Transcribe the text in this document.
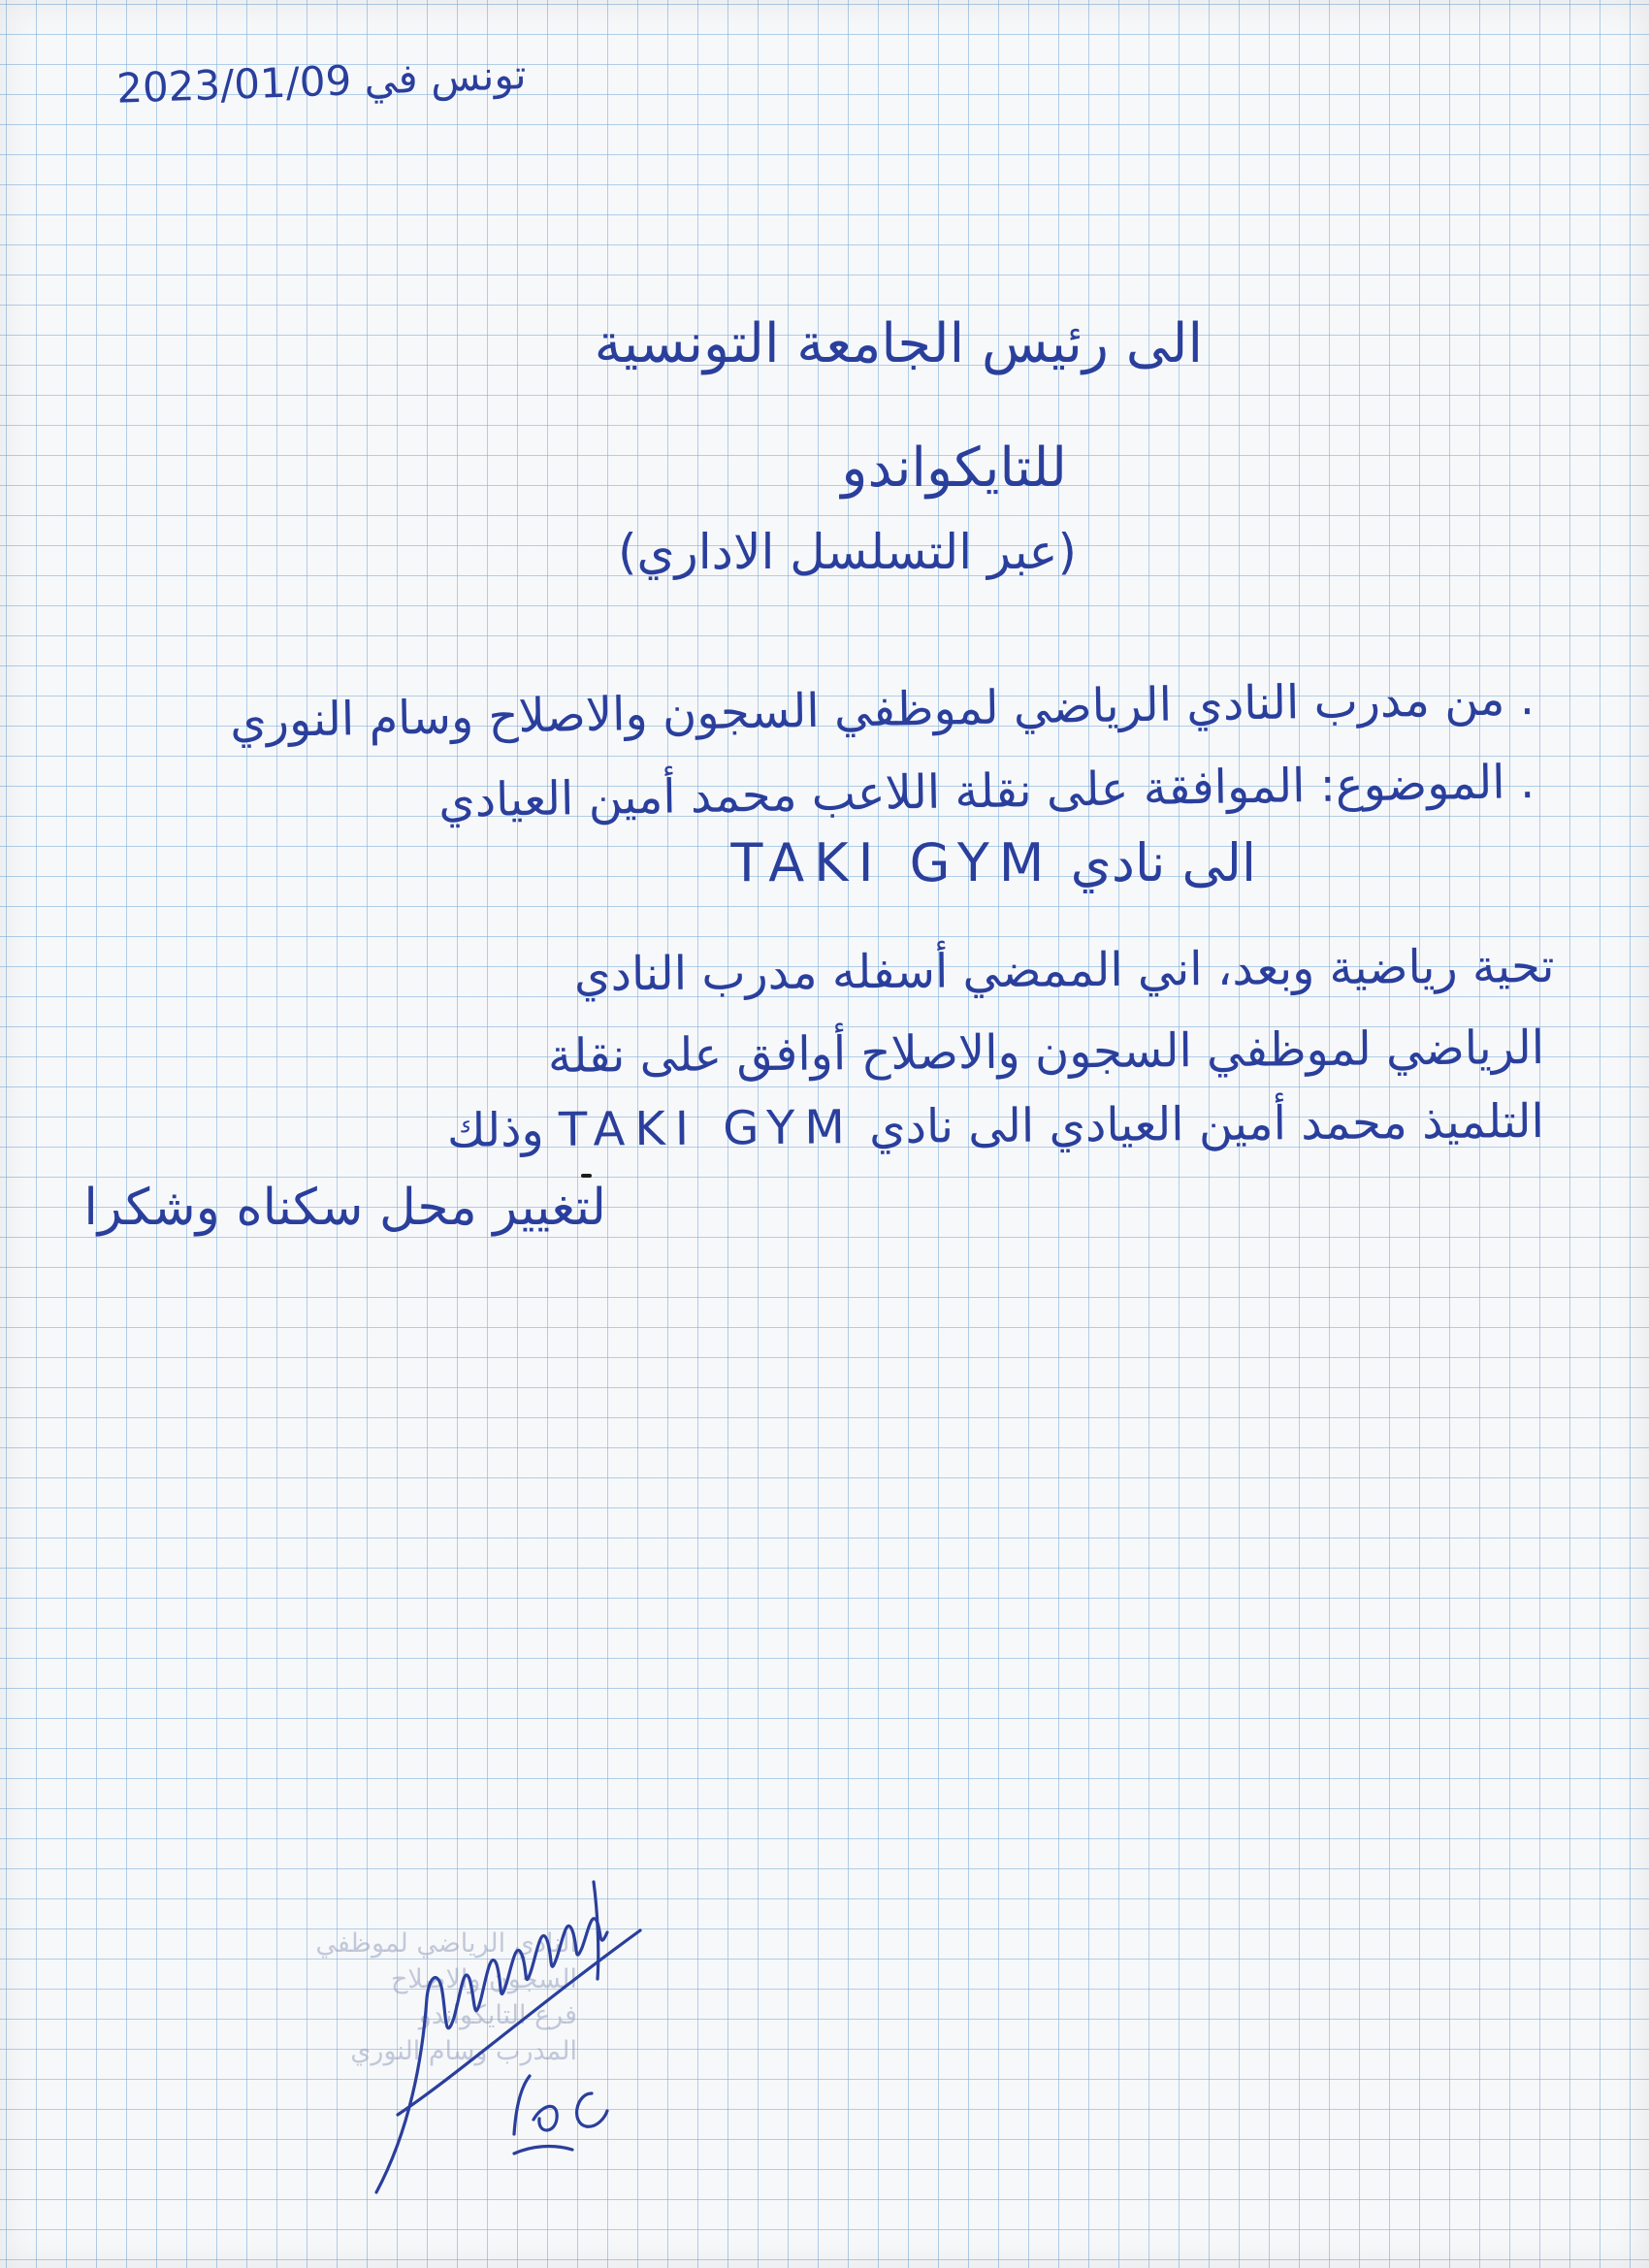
تونس في 2023/01/09
الى رئيس الجامعة التونسية
للتايكواندو
(عبر التسلسل الاداري)
. من مدرب النادي الرياضي لموظفي السجون والاصلاح وسام النوري
. الموضوع: الموافقة على نقلة اللاعب محمد أمين العيادي
الى نادي TAKI GYM
تحية رياضية وبعد، اني الممضي أسفله مدرب النادي
الرياضي لموظفي السجون والاصلاح أوافق على نقلة
التلميذ محمد أمين العيادي الى نادي TAKI GYM وذلك
لتغيير محل سكناه وشكرا
النادي الرياضي لموظفي
السجون والاصلاح
فرع التايكواندو
المدرب وسام النوري
